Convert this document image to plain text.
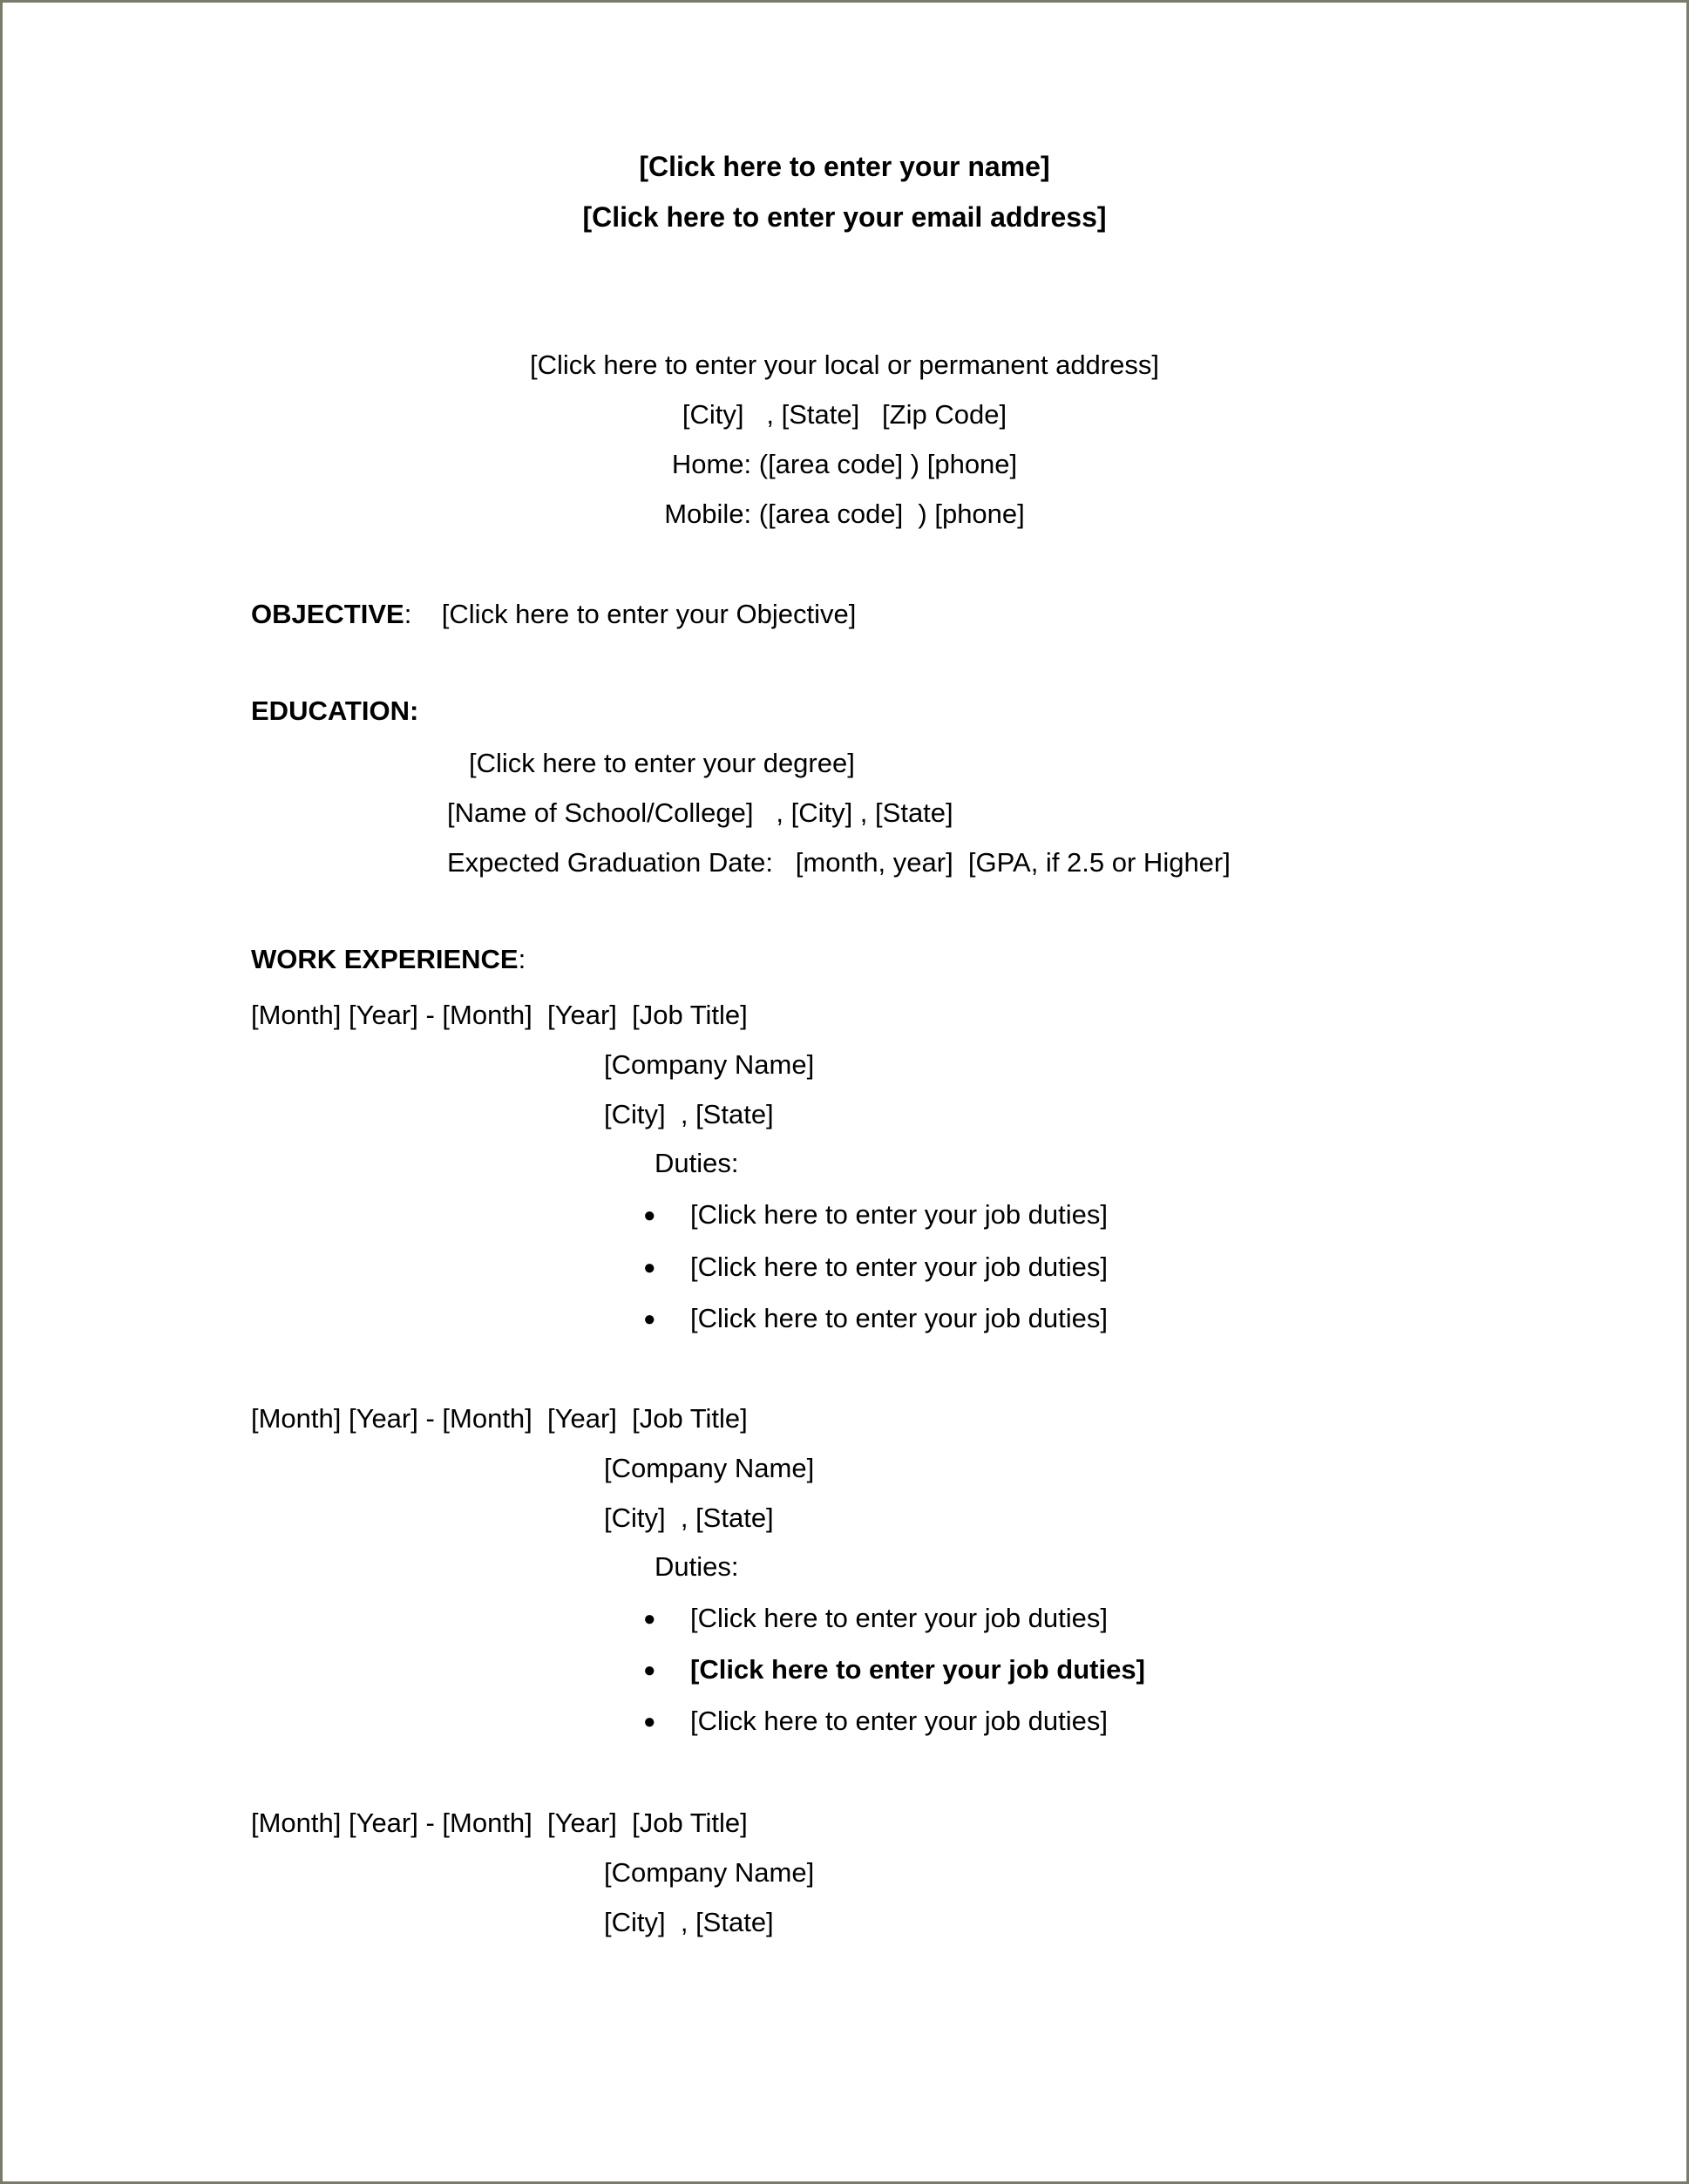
[Click here to enter your name]
[Click here to enter your email address]
[Click here to enter your local or permanent address]
[City]   , [State]   [Zip Code]
Home: ([area code] ) [phone]
Mobile: ([area code]  ) [phone]
OBJECTIVE: [Click here to enter your Objective]
EDUCATION:
[Click here to enter your degree]
[Name of School/College]   , [City] , [State]
Expected Graduation Date:   [month, year]  [GPA, if 2.5 or Higher]
WORK EXPERIENCE:
[Month] [Year] - [Month]  [Year]  [Job Title]
[Company Name]
[City]  , [State]
Duties:
● [Click here to enter your job duties]
● [Click here to enter your job duties]
● [Click here to enter your job duties]
[Month] [Year] - [Month]  [Year]  [Job Title]
[Company Name]
[City]  , [State]
Duties:
● [Click here to enter your job duties]
● [Click here to enter your job duties]
● [Click here to enter your job duties]
[Month] [Year] - [Month]  [Year]  [Job Title]
[Company Name]
[City]  , [State]
